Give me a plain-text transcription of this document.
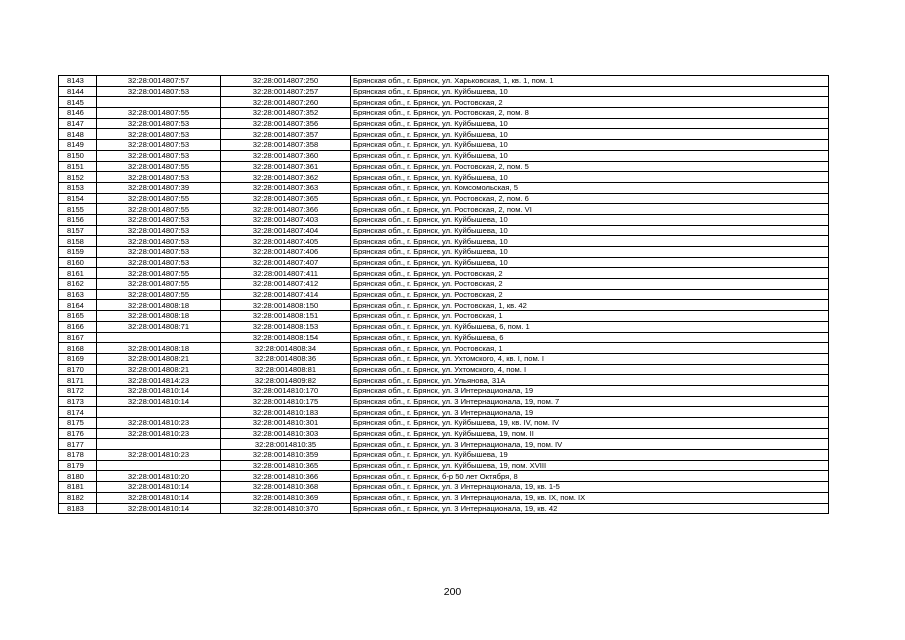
8143	32:28:0014807:57	32:28:0014807:250	Брянская обл., г. Брянск, ул. Харьковская, 1, кв. 1, пом. 1
8144	32:28:0014807:53	32:28:0014807:257	Брянская обл., г. Брянск, ул. Куйбышева, 10
8145		32:28:0014807:260	Брянская обл., г. Брянск, ул. Ростовская, 2
8146	32:28:0014807:55	32:28:0014807:352	Брянская обл., г. Брянск, ул. Ростовская, 2, пом. 8
8147	32:28:0014807:53	32:28:0014807:356	Брянская обл., г. Брянск, ул. Куйбышева, 10
8148	32:28:0014807:53	32:28:0014807:357	Брянская обл., г. Брянск, ул. Куйбышева, 10
8149	32:28:0014807:53	32:28:0014807:358	Брянская обл., г. Брянск, ул. Куйбышева, 10
8150	32:28:0014807:53	32:28:0014807:360	Брянская обл., г. Брянск, ул. Куйбышева, 10
8151	32:28:0014807:55	32:28:0014807:361	Брянская обл., г. Брянск, ул. Ростовская, 2, пом. 5
8152	32:28:0014807:53	32:28:0014807:362	Брянская обл., г. Брянск, ул. Куйбышева, 10
8153	32:28:0014807:39	32:28:0014807:363	Брянская обл., г. Брянск, ул. Комсомольская, 5
8154	32:28:0014807:55	32:28:0014807:365	Брянская обл., г. Брянск, ул. Ростовская, 2, пом. 6
8155	32:28:0014807:55	32:28:0014807:366	Брянская обл., г. Брянск, ул. Ростовская, 2, пом. VI
8156	32:28:0014807:53	32:28:0014807:403	Брянская обл., г. Брянск, ул. Куйбышева, 10
8157	32:28:0014807:53	32:28:0014807:404	Брянская обл., г. Брянск, ул. Куйбышева, 10
8158	32:28:0014807:53	32:28:0014807:405	Брянская обл., г. Брянск, ул. Куйбышева, 10
8159	32:28:0014807:53	32:28:0014807:406	Брянская обл., г. Брянск, ул. Куйбышева, 10
8160	32:28:0014807:53	32:28:0014807:407	Брянская обл., г. Брянск, ул. Куйбышева, 10
8161	32:28:0014807:55	32:28:0014807:411	Брянская обл., г. Брянск, ул. Ростовская, 2
8162	32:28:0014807:55	32:28:0014807:412	Брянская обл., г. Брянск, ул. Ростовская, 2
8163	32:28:0014807:55	32:28:0014807:414	Брянская обл., г. Брянск, ул. Ростовская, 2
8164	32:28:0014808:18	32:28:0014808:150	Брянская обл., г. Брянск, ул. Ростовская, 1, кв. 42
8165	32:28:0014808:18	32:28:0014808:151	Брянская обл., г. Брянск, ул. Ростовская, 1
8166	32:28:0014808:71	32:28:0014808:153	Брянская обл., г. Брянск, ул. Куйбышева, 6, пом. 1
8167		32:28:0014808:154	Брянская обл., г. Брянск, ул. Куйбышева, 6
8168	32:28:0014808:18	32:28:0014808:34	Брянская обл., г. Брянск, ул. Ростовская, 1
8169	32:28:0014808:21	32:28:0014808:36	Брянская обл., г. Брянск, ул. Ухтомского, 4, кв. I, пом. I
8170	32:28:0014808:21	32:28:0014808:81	Брянская обл., г. Брянск, ул. Ухтомского, 4, пом. I
8171	32:28:0014814:23	32:28:0014809:82	Брянская обл., г. Брянск, ул. Ульянова, 31А
8172	32:28:0014810:14	32:28:0014810:170	Брянская обл., г. Брянск, ул. 3 Интернационала, 19
8173	32:28:0014810:14	32:28:0014810:175	Брянская обл., г. Брянск, ул. 3 Интернационала, 19, пом. 7
8174		32:28:0014810:183	Брянская обл., г. Брянск, ул. 3 Интернационала, 19
8175	32:28:0014810:23	32:28:0014810:301	Брянская обл., г. Брянск, ул. Куйбышева, 19, кв. IV, пом. IV
8176	32:28:0014810:23	32:28:0014810:303	Брянская обл., г. Брянск, ул. Куйбышева, 19, пом. II
8177		32:28:0014810:35	Брянская обл., г. Брянск, ул. 3 Интернационала, 19, пом. IV
8178	32:28:0014810:23	32:28:0014810:359	Брянская обл., г. Брянск, ул. Куйбышева, 19
8179		32:28:0014810:365	Брянская обл., г. Брянск, ул. Куйбышева, 19, пом. XVIII
8180	32:28:0014810:20	32:28:0014810:366	Брянская обл., г. Брянск, б-р 50 лет Октября, 8
8181	32:28:0014810:14	32:28:0014810:368	Брянская обл., г. Брянск, ул. 3 Интернационала, 19, кв. 1-5
8182	32:28:0014810:14	32:28:0014810:369	Брянская обл., г. Брянск, ул. 3 Интернационала, 19, кв. IX, пом. IX
8183	32:28:0014810:14	32:28:0014810:370	Брянская обл., г. Брянск, ул. 3 Интернационала, 19, кв. 42
200
